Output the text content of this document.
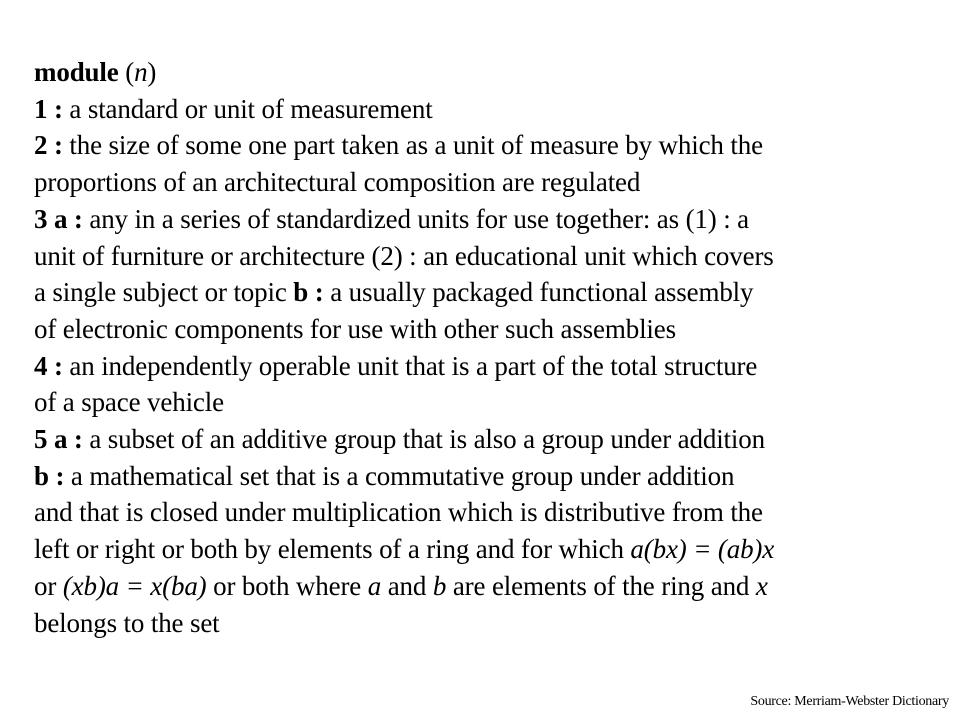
module (n)
1 : a standard or unit of measurement
2 : the size of some one part taken as a unit of measure by which the
proportions of an architectural composition are regulated
3 a : any in a series of standardized units for use together: as (1) : a
unit of furniture or architecture (2) : an educational unit which covers
a single subject or topic b : a usually packaged functional assembly
of electronic components for use with other such assemblies
4 : an independently operable unit that is a part of the total structure
of a space vehicle
5 a : a subset of an additive group that is also a group under addition
b : a mathematical set that is a commutative group under addition
and that is closed under multiplication which is distributive from the
left or right or both by elements of a ring and for which a(bx) = (ab)x
or (xb)a = x(ba) or both where a and b are elements of the ring and x
belongs to the set
Source: Merriam-Webster Dictionary
